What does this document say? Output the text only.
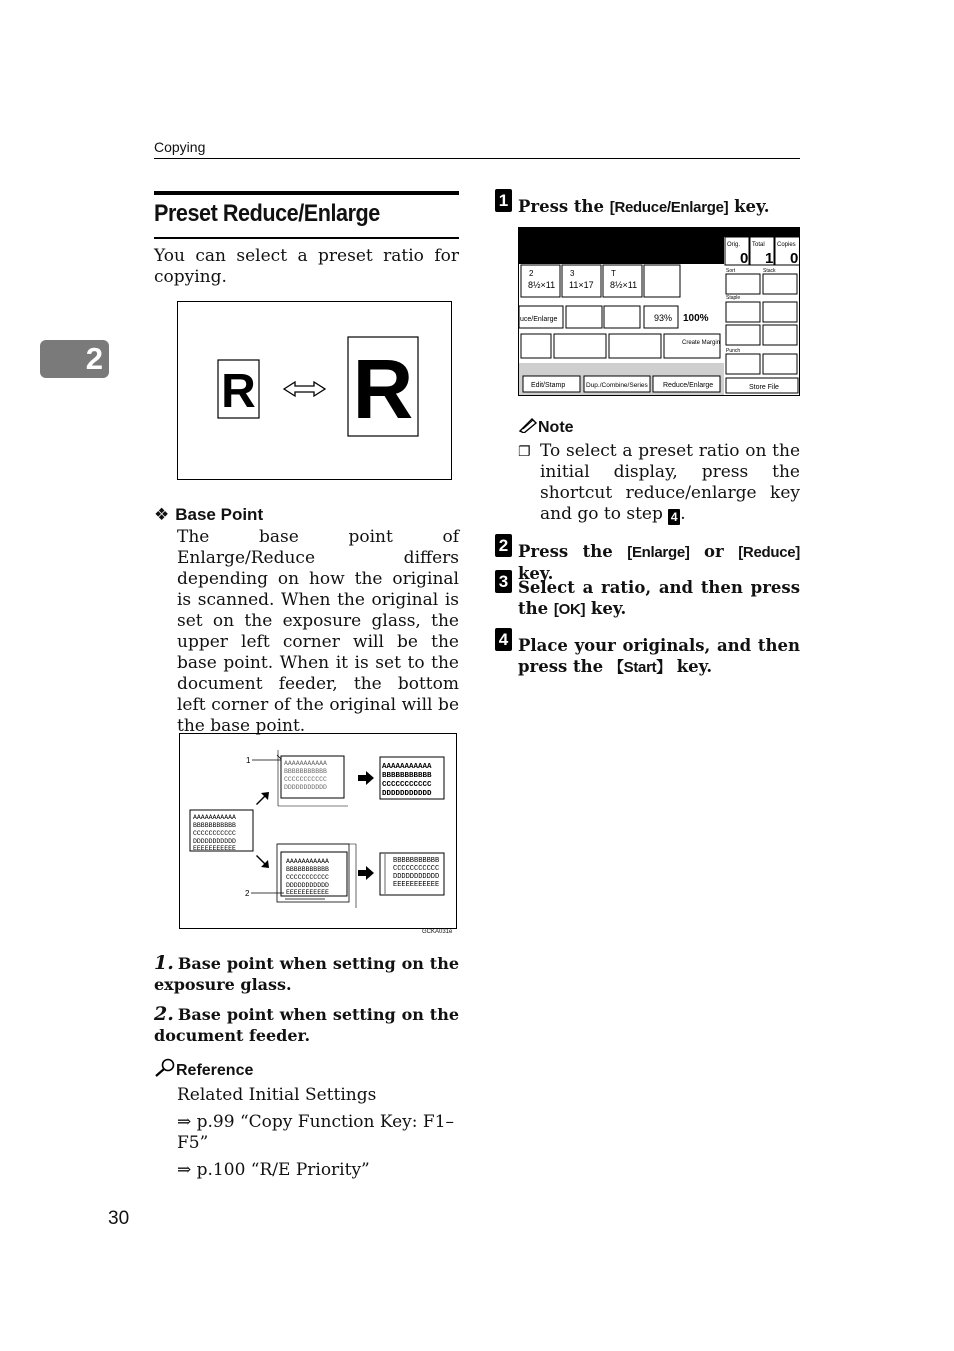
Copying
2
Preset Reduce/Enlarge
You can select a preset ratio for copying.
R R
❖ Base Point
The base point of Enlarge/Reduce differs depending on how the original is scanned. When the original is set on the exposure glass, the upper left corner will be the base point. When it is set to the document feeder, the bottom left corner of the original will be the base point.
1	AAAAAAAAAAA
BBBBBBBBBBB
CCCCCCCCCCC
DDDDDDDDDDD
AAAAAAAAAAA
BBBBBBBBBBB
CCCCCCCCCCC
DDDDDDDDDDD
AAAAAAAAAAA
BBBBBBBBBBB
CCCCCCCCCCC
DDDDDDDDDDD
EEEEEEEEEEE
AAAAAAAAAAA
BBBBBBBBBBB
CCCCCCCCCCC
DDDDDDDDDDD
EEEEEEEEEEE
2
BBBBBBBBBBB
CCCCCCCCCCC
DDDDDDDDDDD
EEEEEEEEEEE
GCKA031e
1. Base point when setting on the exposure glass.
2. Base point when setting on the document feeder.
Reference
Related Initial Settings
⇒ p.99 “Copy Function Key: F1–F5”
⇒ p.100 “R/E Priority”
30
1 Press the [Reduce/Enlarge] key.
Orig. Total Copies
0 1 0
2	3	T
8½×11 11×17 8½×11
Sort	Stack
Staple
Punch
uce/Enlarge	93% 100%
Create Margin
Edit/Stamp	Dup./Combine/Series Reduce/Enlarge	Store File
Note
❐ To select a preset ratio on the initial display, press the shortcut reduce/enlarge key and go to step 4 .
2 Press the [Enlarge] or [Reduce] key.
3 Select a ratio, and then press the [OK] key.
4 Place your originals, and then press the 【Start】 key.
